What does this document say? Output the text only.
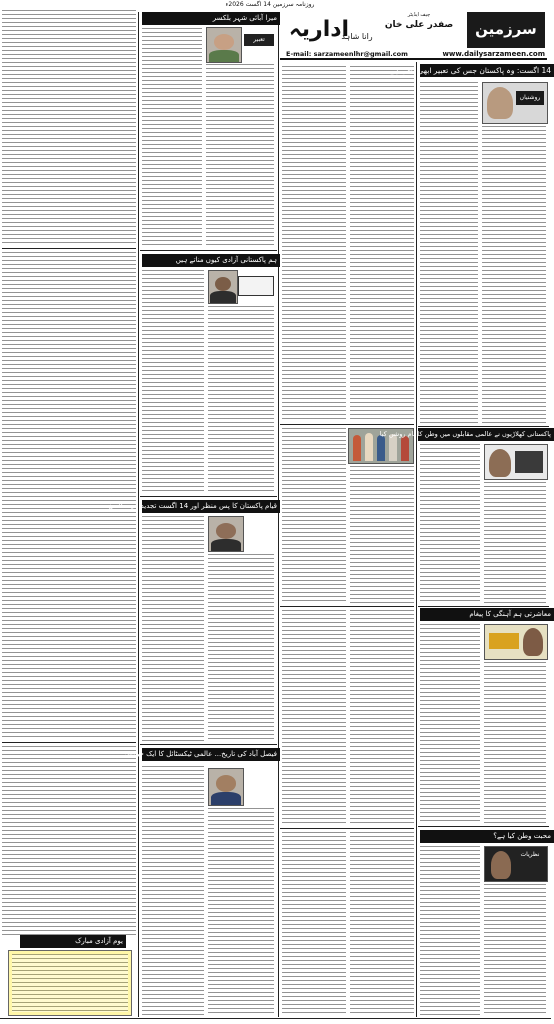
روزنامہ سرزمین 14 اگست 2026ء
سرزمین
چیف ایڈیٹر
صفدر علی خان
رانا شاہد
اداریہ
www.dailysarzameen.com
E-mail: sarzameenlhr@gmail.com
یوم آزادی مبارک
میرا آبائی شہر بلکسر
تعبیر
ہم پاکستانی آزادی کیوں مناتے ہیں
قیام پاکستان کا پس منظر اور 14 اگست تجدید عہد کا دن
فیصل آباد کی تاریخ... عالمی ٹیکسٹائل کا ایک جینئس
14 اگست: وہ پاکستان جس کی تعبیر ابھی باقی ہے
روشنیاں
پاکستانی کھلاڑیوں نے عالمی مقابلوں میں وطن کا نام روشن کیا
معاشرتی ہم آہنگی کا پیغام
محبت وطن کیا ہے؟
نظریات
